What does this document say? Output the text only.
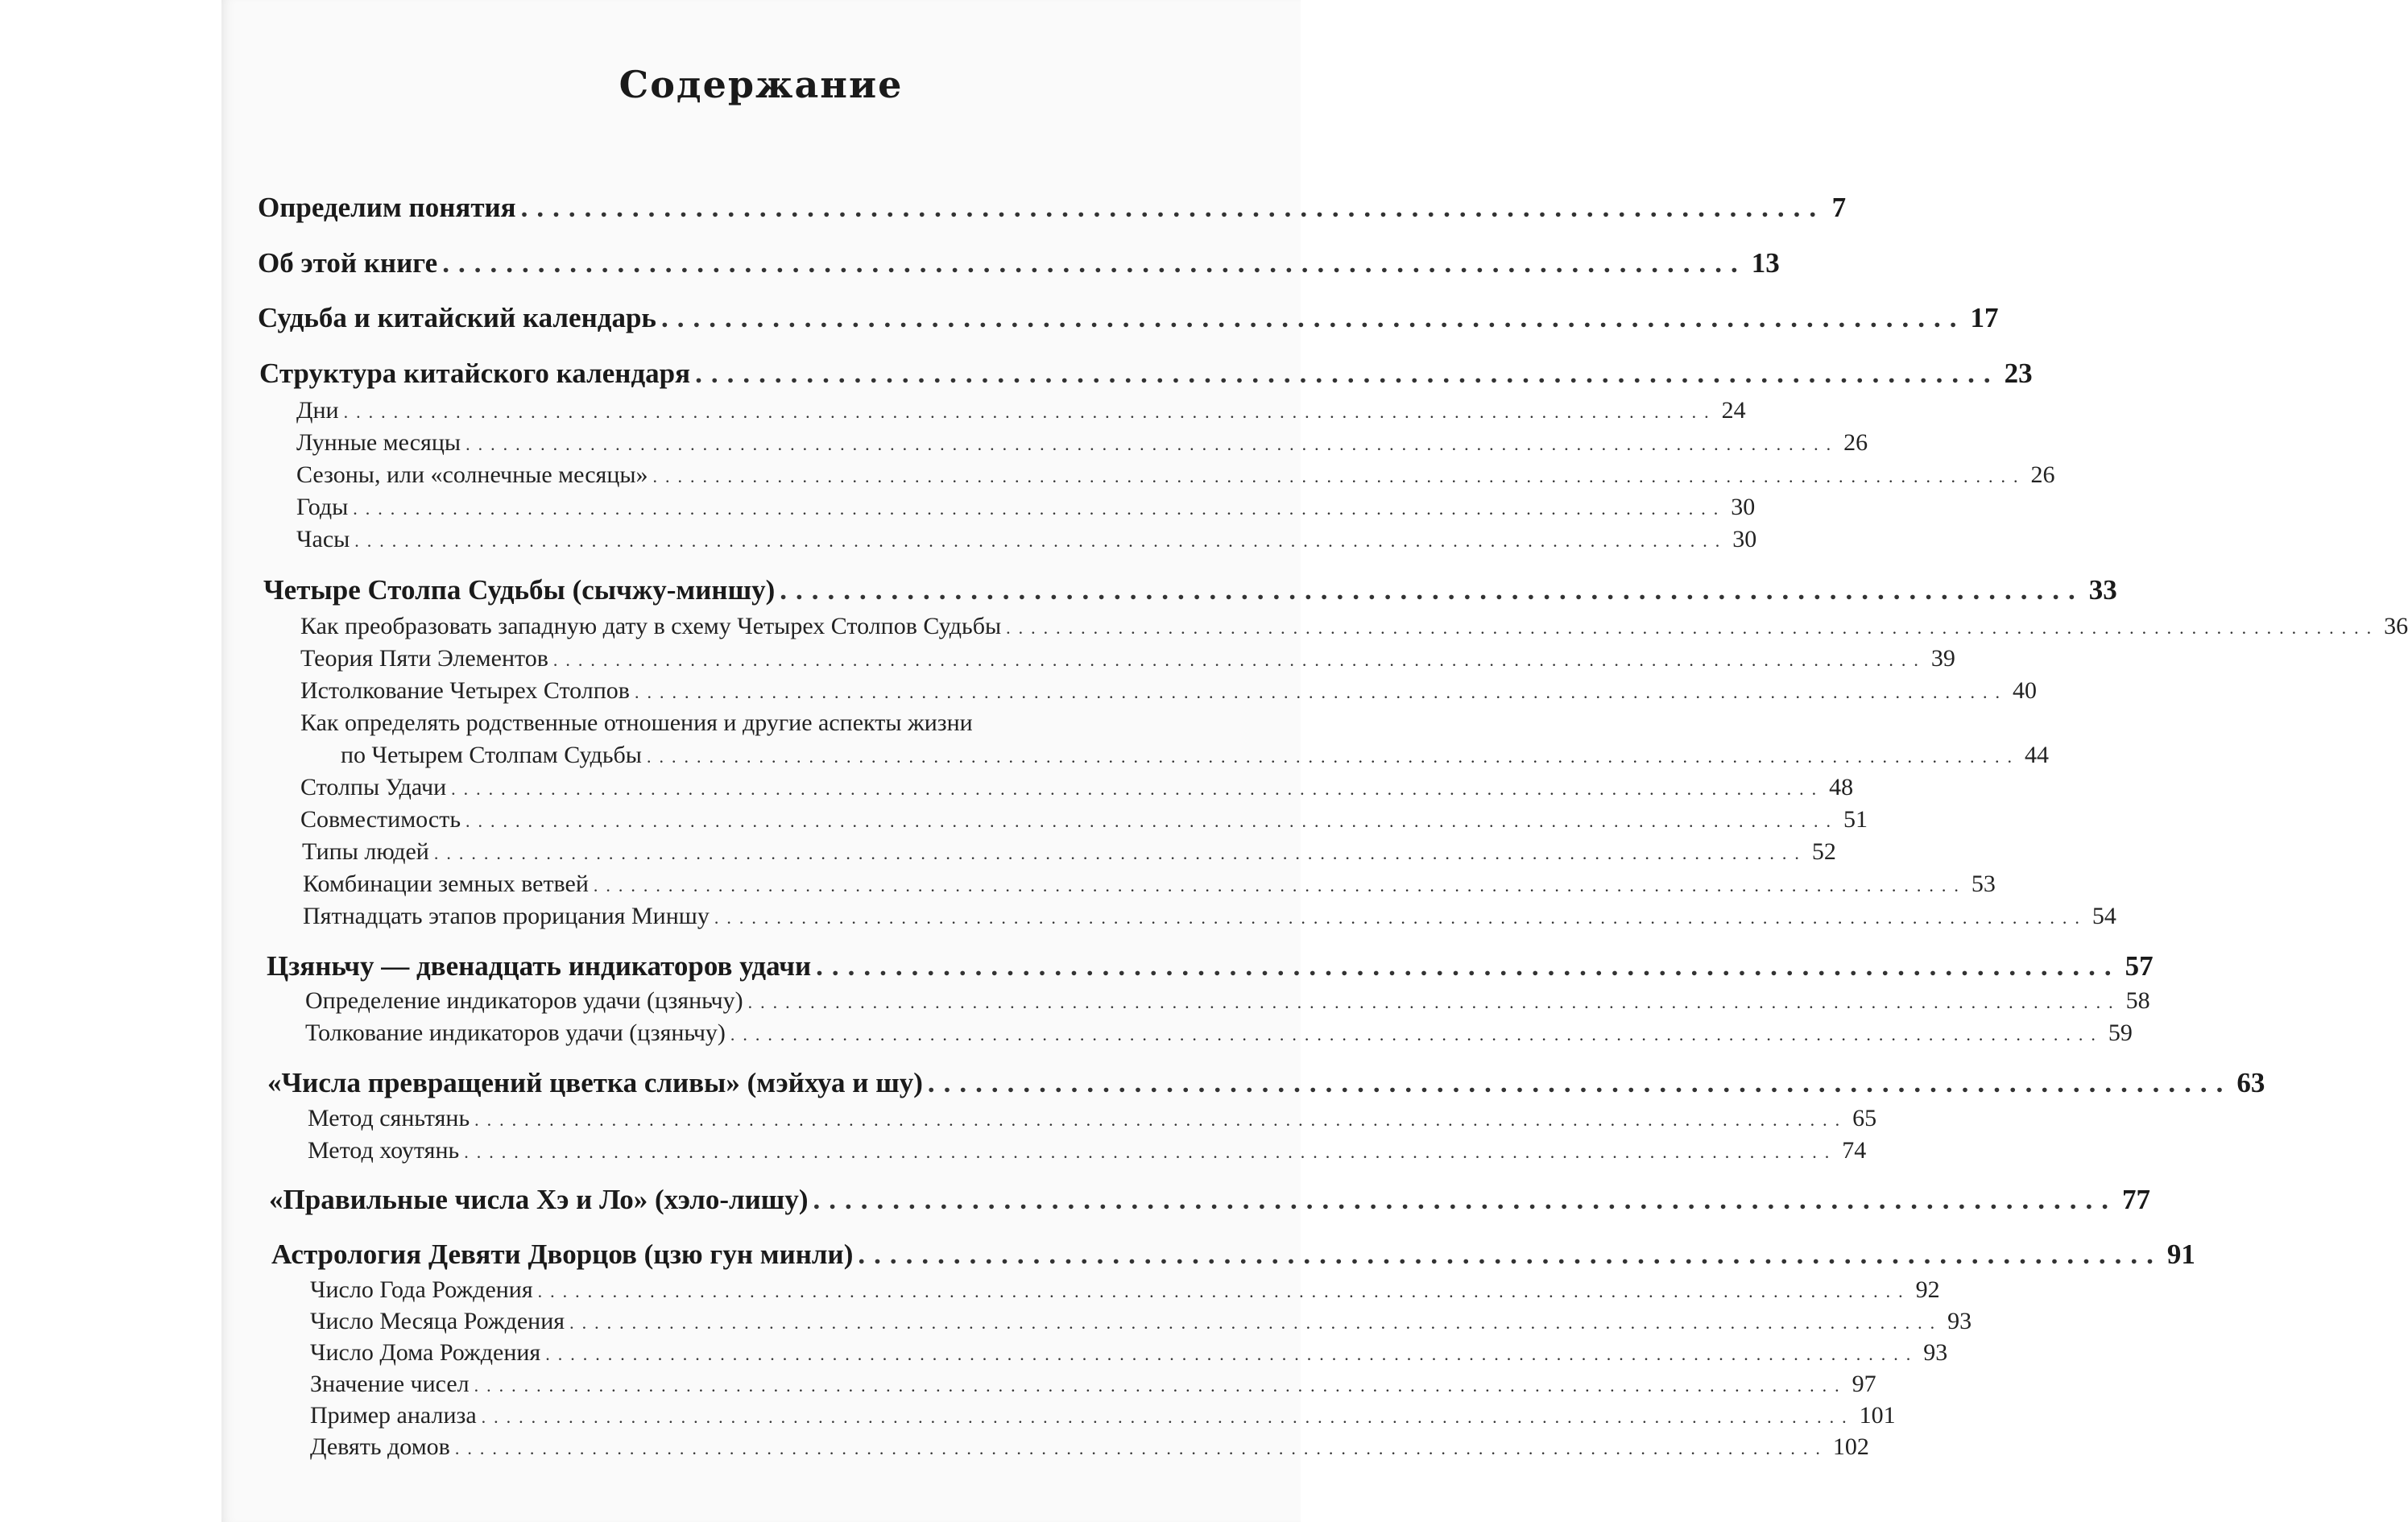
Содержание
Определим понятия .................................................................................. 7
Об этой книге .................................................................................. 13
Судьба и китайский календарь .................................................................................. 17
Структура китайского календаря .................................................................................. 23
Дни .............................................................................................................. 24
Лунные месяцы .............................................................................................................. 26
Сезоны, или «солнечные месяцы» .............................................................................................................. 26
Годы .............................................................................................................. 30
Часы .............................................................................................................. 30
Четыре Столпа Судьбы (сычжу-миншу) .................................................................................. 33
Как преобразовать западную дату в схему Четырех Столпов Судьбы .............................................................................................................. 36
Теория Пяти Элементов .............................................................................................................. 39
Истолкование Четырех Столпов .............................................................................................................. 40
Как определять родственные отношения и другие аспекты жизни
по Четырем Столпам Судьбы .............................................................................................................. 44
Столпы Удачи .............................................................................................................. 48
Совместимость .............................................................................................................. 51
Типы людей .............................................................................................................. 52
Комбинации земных ветвей .............................................................................................................. 53
Пятнадцать этапов прорицания Миншу .............................................................................................................. 54
Цзяньчу — двенадцать индикаторов удачи .................................................................................. 57
Определение индикаторов удачи (цзяньчу) .............................................................................................................. 58
Толкование индикаторов удачи (цзяньчу) .............................................................................................................. 59
«Числа превращений цветка сливы» (мэйхуа и шу) .................................................................................. 63
Метод сяньтянь .............................................................................................................. 65
Метод хоутянь .............................................................................................................. 74
«Правильные числа Хэ и Ло» (хэло-лишу) .................................................................................. 77
Астрология Девяти Дворцов (цзю гун минли) .................................................................................. 91
Число Года Рождения .............................................................................................................. 92
Число Месяца Рождения .............................................................................................................. 93
Число Дома Рождения .............................................................................................................. 93
Значение чисел .............................................................................................................. 97
Пример анализа .............................................................................................................. 101
Девять домов .............................................................................................................. 102
